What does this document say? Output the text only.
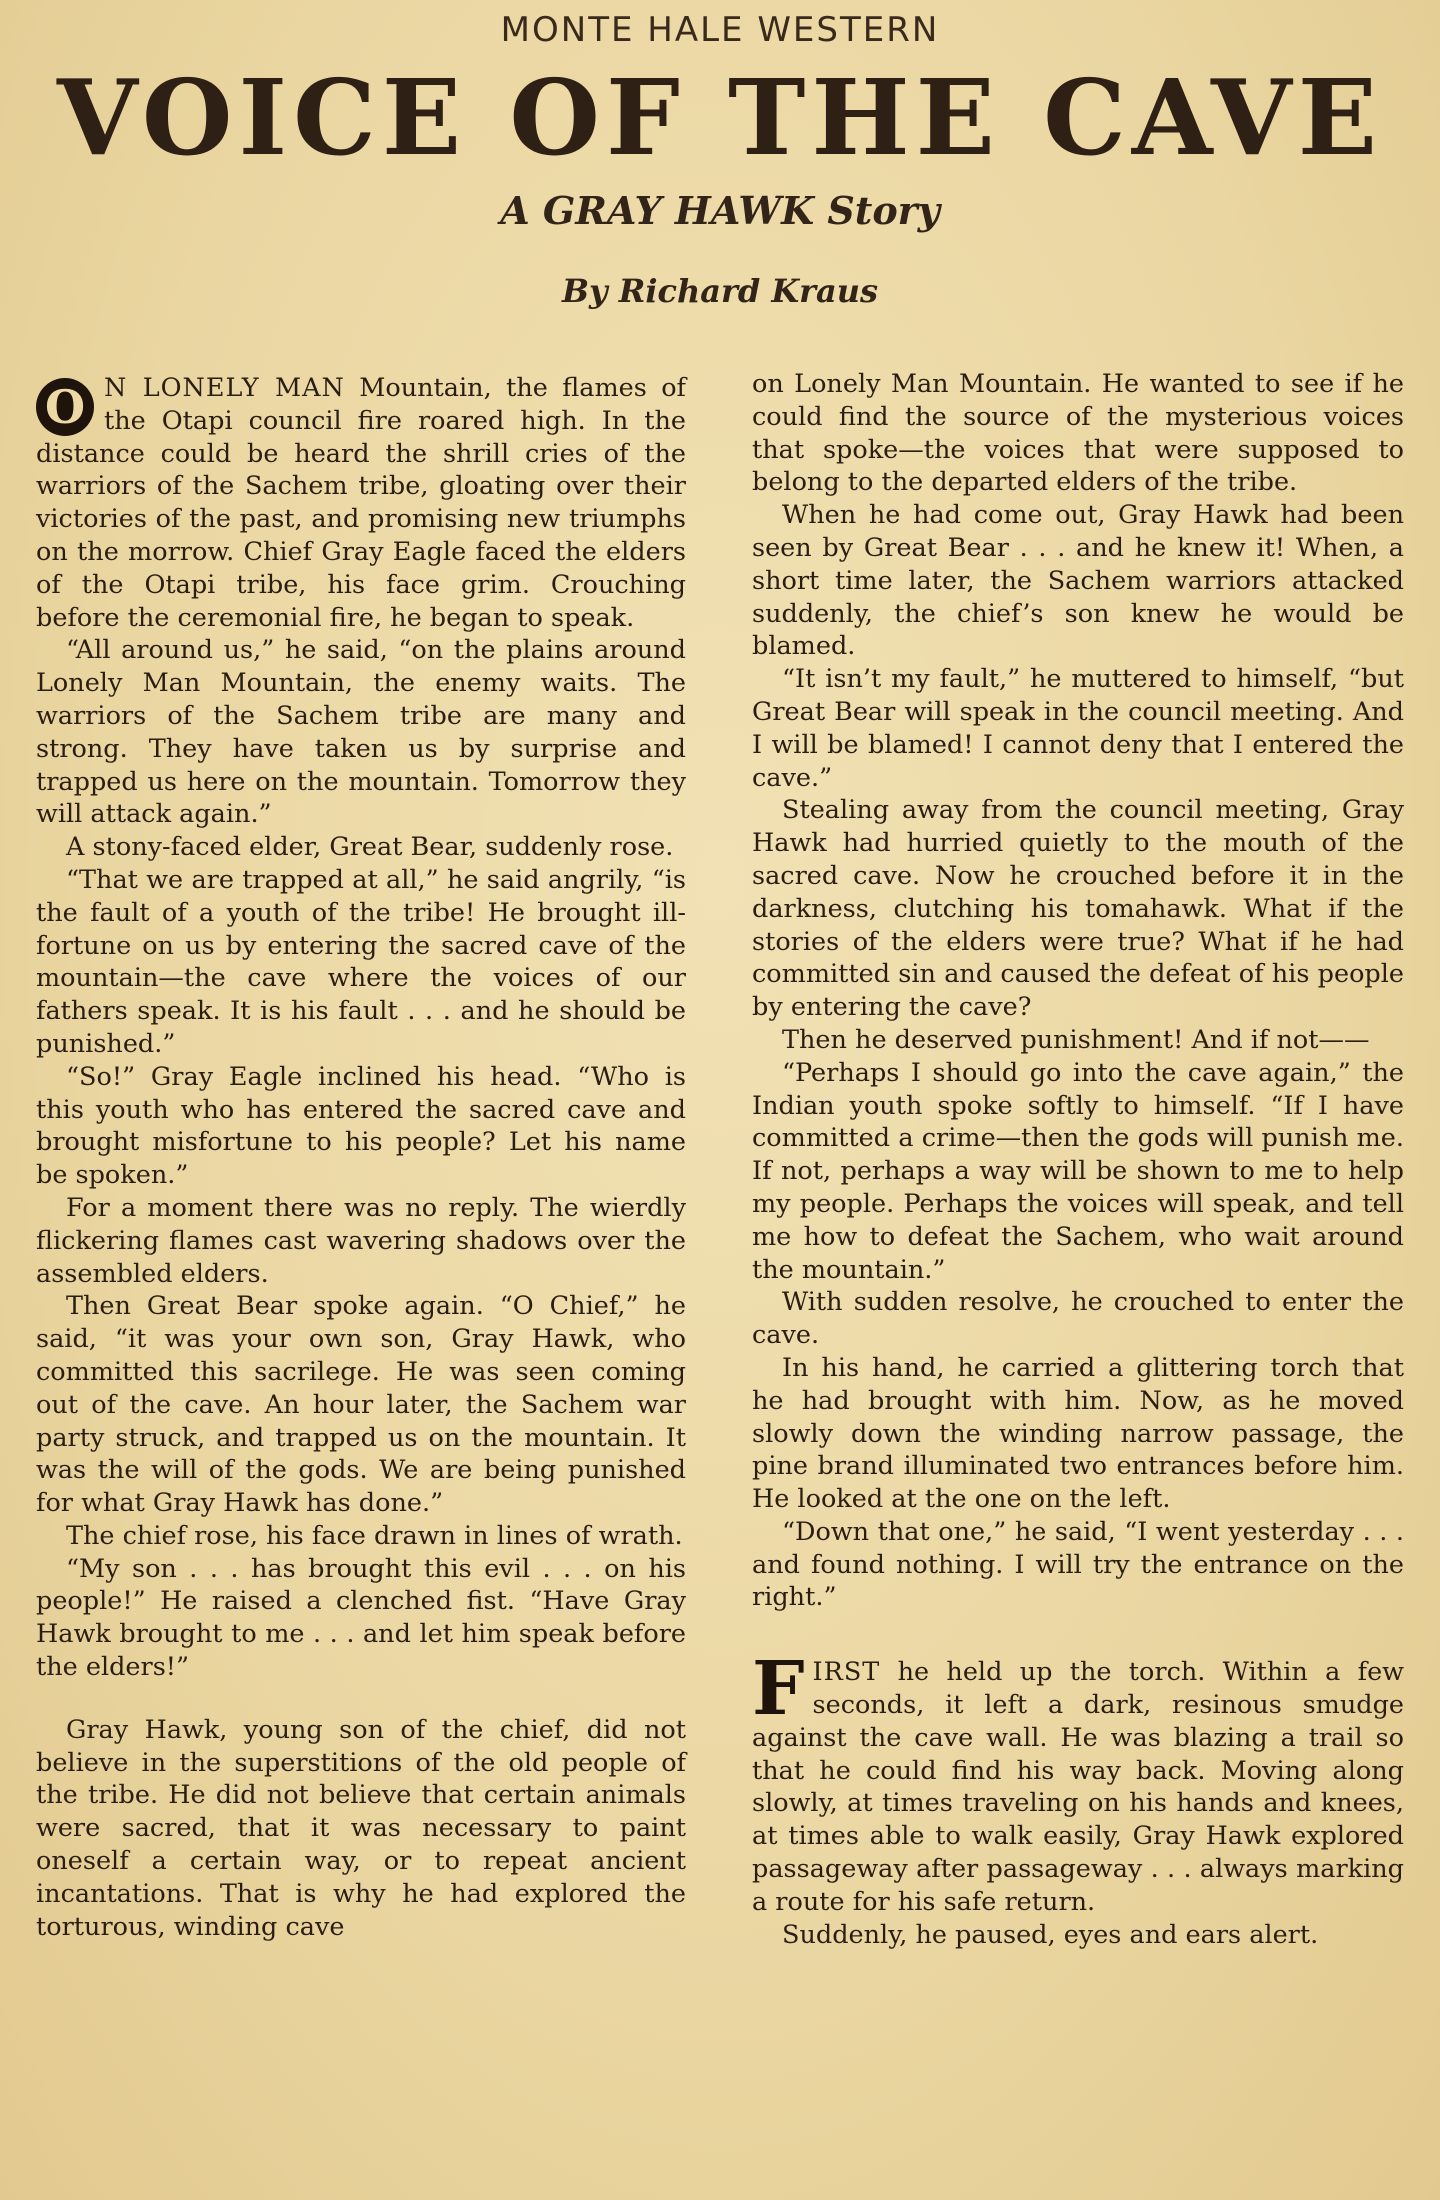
MONTE HALE WESTERN
VOICE OF THE CAVE
A GRAY HAWK Story
By Richard Kraus

O N LONELY MAN Mountain, the flames of the Otapi council fire roared high. In the distance could be heard the shrill cries of the warriors of the Sachem tribe, gloating over their victories of the past, and promising new triumphs on the morrow. Chief Gray Eagle faced the elders of the Otapi tribe, his face grim. Crouching before the ceremonial fire, he began to speak.

“All around us,” he said, “on the plains around Lonely Man Mountain, the enemy waits. The warriors of the Sachem tribe are many and strong. They have taken us by surprise and trapped us here on the mountain. Tomorrow they will attack again.”

A stony-faced elder, Great Bear, suddenly rose.

“That we are trapped at all,” he said angrily, “is the fault of a youth of the tribe! He brought ill-fortune on us by entering the sacred cave of the mountain—the cave where the voices of our fathers speak. It is his fault . . . and he should be punished.”

“So!” Gray Eagle inclined his head. “Who is this youth who has entered the sacred cave and brought misfortune to his people? Let his name be spoken.”

For a moment there was no reply. The wierdly flickering flames cast wavering shadows over the assembled elders.

Then Great Bear spoke again. “O Chief,” he said, “it was your own son, Gray Hawk, who committed this sacrilege. He was seen coming out of the cave. An hour later, the Sachem war party struck, and trapped us on the mountain. It was the will of the gods. We are being punished for what Gray Hawk has done.”

The chief rose, his face drawn in lines of wrath.

“My son . . . has brought this evil . . . on his people!” He raised a clenched fist. “Have Gray Hawk brought to me . . . and let him speak before the elders!”

Gray Hawk, young son of the chief, did not believe in the superstitions of the old people of the tribe. He did not believe that certain animals were sacred, that it was necessary to paint oneself a certain way, or to repeat ancient incantations. That is why he had explored the torturous, winding cave

on Lonely Man Mountain. He wanted to see if he could find the source of the mysterious voices that spoke—the voices that were supposed to belong to the departed elders of the tribe.

When he had come out, Gray Hawk had been seen by Great Bear . . . and he knew it! When, a short time later, the Sachem warriors attacked suddenly, the chief’s son knew he would be blamed.

“It isn’t my fault,” he muttered to himself, “but Great Bear will speak in the council meeting. And I will be blamed! I cannot deny that I entered the cave.”

Stealing away from the council meeting, Gray Hawk had hurried quietly to the mouth of the sacred cave. Now he crouched before it in the darkness, clutching his tomahawk. What if the stories of the elders were true? What if he had committed sin and caused the defeat of his people by entering the cave?

Then he deserved punishment! And if not——

“Perhaps I should go into the cave again,” the Indian youth spoke softly to himself. “If I have committed a crime—then the gods will punish me. If not, perhaps a way will be shown to me to help my people. Perhaps the voices will speak, and tell me how to defeat the Sachem, who wait around the mountain.”

With sudden resolve, he crouched to enter the cave.

In his hand, he carried a glittering torch that he had brought with him. Now, as he moved slowly down the winding narrow passage, the pine brand illuminated two entrances before him. He looked at the one on the left.

“Down that one,” he said, “I went yesterday . . . and found nothing. I will try the entrance on the right.”

FIRST he held up the torch. Within a few seconds, it left a dark, resinous smudge against the cave wall. He was blazing a trail so that he could find his way back. Moving along slowly, at times traveling on his hands and knees, at times able to walk easily, Gray Hawk explored passageway after passageway . . . always marking a route for his safe return.

Suddenly, he paused, eyes and ears alert.
